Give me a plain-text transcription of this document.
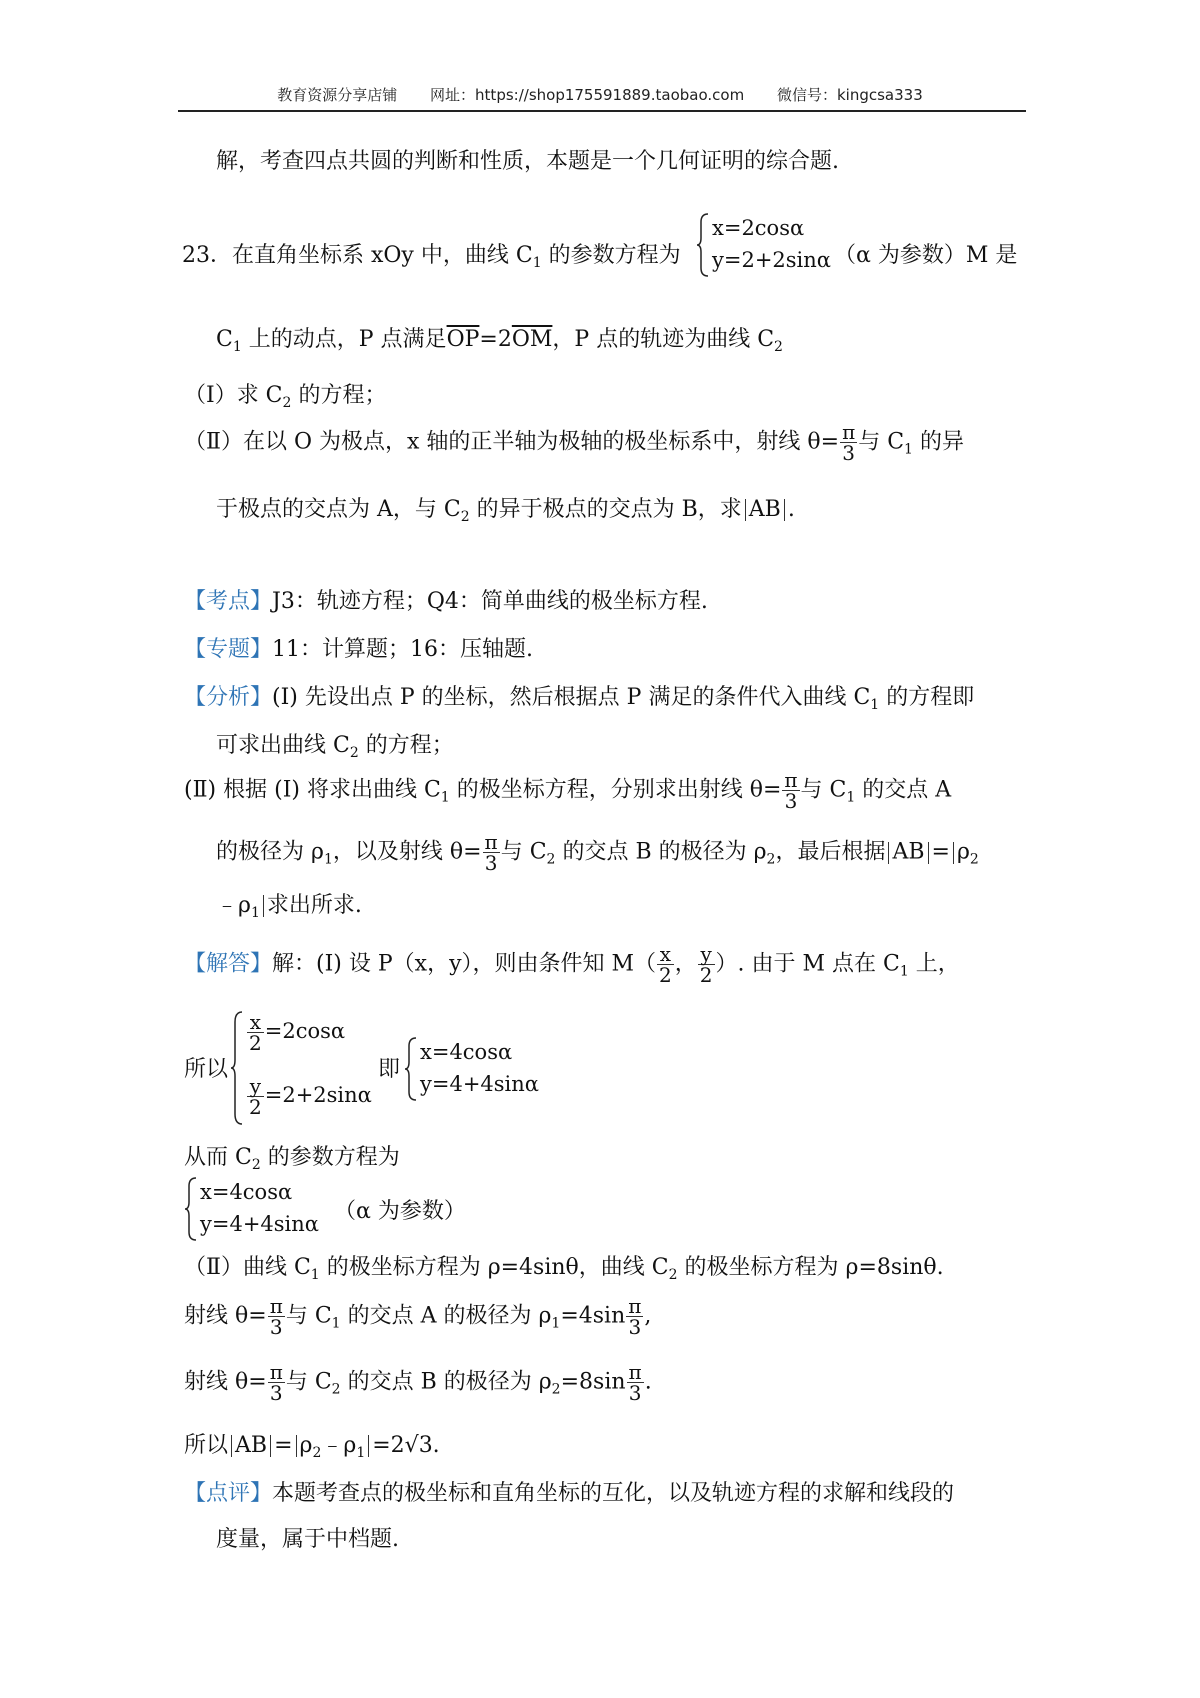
教育资源分享店铺 网址：https://shop175591889.taobao.com 微信号：kingcsa333
解，考查四点共圆的判断和性质，本题是一个几何证明的综合题.
23．在直角坐标系 xOy 中，曲线 $C_1$ 的参数方程为
x=2cosα
y=2+2sinα （α 为参数）M 是
$C_1$ 上的动点，P 点满足$\overline{OP}=2\overline{OM}$，P 点的轨迹为曲线 $C_2$
（Ⅰ）求 $C_2$ 的方程；
（Ⅱ）在以 O 为极点，x 轴的正半轴为极轴的极坐标系中，射线 $\theta= \frac{\pi}{3}$ 与 $C_1$ 的异
于极点的交点为 A，与 $C_2$ 的异于极点的交点为 B，求 AB .
【考点】J3：轨迹方程；Q4：简单曲线的极坐标方程.
【专题】11：计算题；16：压轴题.
【分析】(Ⅰ) 先设出点 P 的坐标，然后根据点 P 满足的条件代入曲线 $C_1$ 的方程即
可求出曲线 $C_2$ 的方程；
(Ⅱ) 根据 (Ⅰ) 将求出曲线 $C_1$ 的极坐标方程，分别求出射线 $\theta= \frac{\pi}{3}$ 与 $C_1$ 的交点 A
的极径为 $\rho_1$，以及射线 $\theta= \frac{\pi}{3}$ 与 $C_2$ 的交点 B 的极径为 $\rho_2$，最后根据 AB = $\rho_2$
$﹣\rho_1$ 求出所求.
【解答】解：(Ⅰ) 设 P（x，y），则由条件知 $M( \frac{x}{2}$ ， $\frac{y}{2}$ ）. 由于 M 点在 $C_1$ 上，
所以
$\frac{x}{2} =2\cos\alpha$
$\frac{y}{2} =2+2\sin\alpha$
即
x=4cosα
y=4+4sinα
从而 $C_2$ 的参数方程为
x=4cosα
y=4+4sinα （α 为参数）
（Ⅱ）曲线 $C_1$ 的极坐标方程为 ρ=4sinθ，曲线 $C_2$ 的极坐标方程为 ρ=8sinθ.
射线 $\theta= \frac{\pi}{3}$ 与 $C_1$ 的交点 A 的极径为 $\rho_1=4\sin \frac{\pi}{3}$ ,
射线 $\theta= \frac{\pi}{3}$ 与 $C_2$ 的交点 B 的极径为 $\rho_2=8\sin \frac{\pi}{3}$ .
所以 AB = $\rho_2﹣\rho_1 =2√3$.
【点评】本题考查点的极坐标和直角坐标的互化，以及轨迹方程的求解和线段的
度量，属于中档题.
